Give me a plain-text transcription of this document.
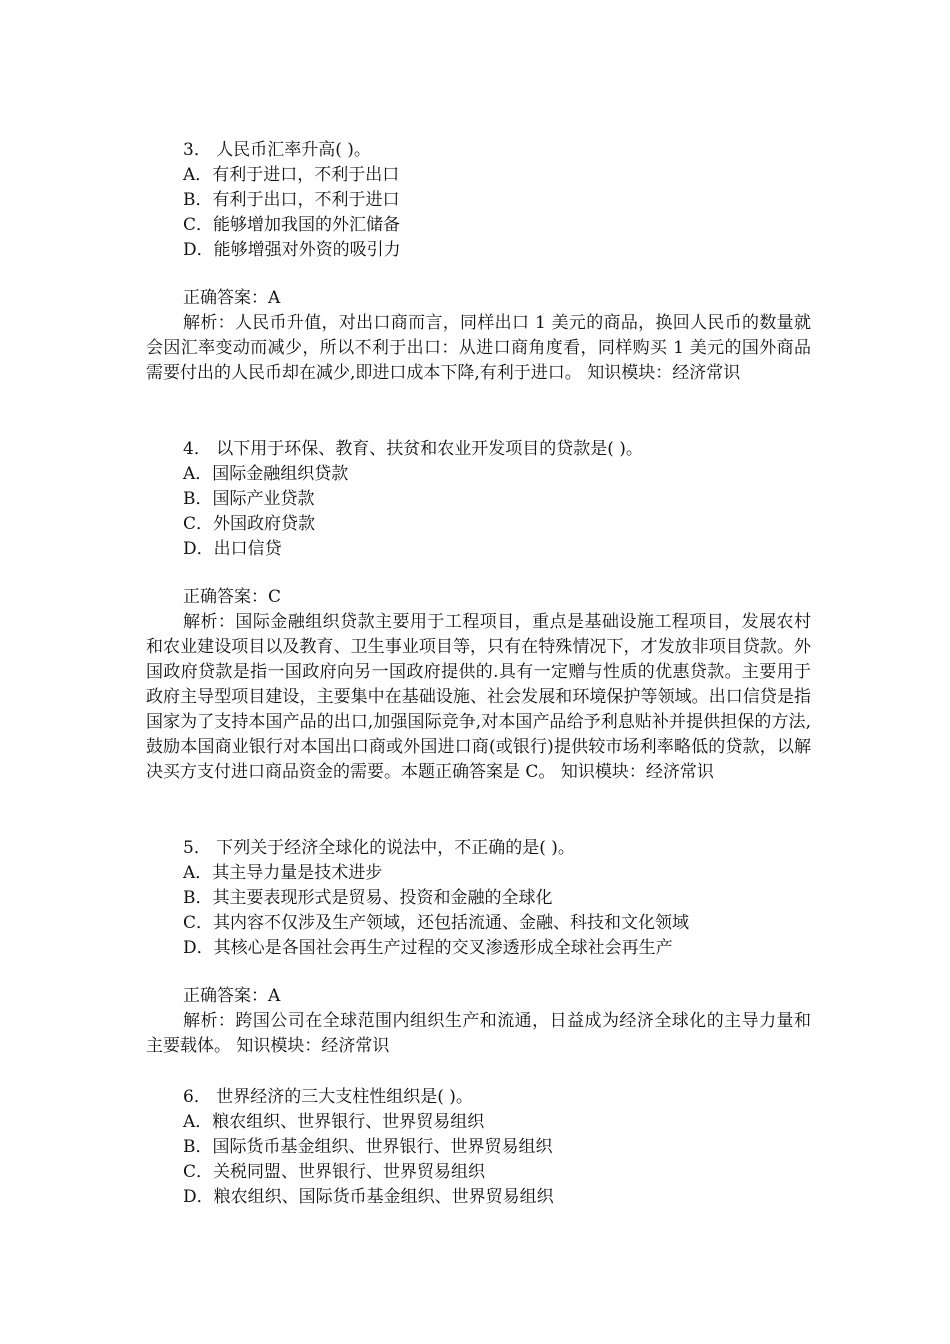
3． 人民币汇率升高( )。
A．有利于进口，不利于出口
B．有利于出口，不利于进口
C．能够增加我国的外汇储备
D．能够增强对外资的吸引力
正确答案：A
解析：人民币升值，对出口商而言，同样出口 1 美元的商品，换回人民币的数量就会因汇率变动而减少，所以不利于出口：从进口商角度看，同样购买 1 美元的国外商品需要付出的人民币却在减少,即进口成本下降,有利于进口。 知识模块：经济常识
4． 以下用于环保、教育、扶贫和农业开发项目的贷款是( )。
A．国际金融组织贷款
B．国际产业贷款
C．外国政府贷款
D．出口信贷
正确答案：C
解析：国际金融组织贷款主要用于工程项目，重点是基础设施工程项目，发展农村和农业建设项目以及教育、卫生事业项目等，只有在特殊情况下，才发放非项目贷款。外国政府贷款是指一国政府向另一国政府提供的.具有一定赠与性质的优惠贷款。主要用于政府主导型项目建设，主要集中在基础设施、社会发展和环境保护等领域。出口信贷是指国家为了支持本国产品的出口,加强国际竞争,对本国产品给予利息贴补并提供担保的方法,鼓励本国商业银行对本国出口商或外国进口商(或银行)提供较市场利率略低的贷款，以解决买方支付进口商品资金的需要。本题正确答案是 C。 知识模块：经济常识
5． 下列关于经济全球化的说法中，不正确的是( )。
A．其主导力量是技术进步
B．其主要表现形式是贸易、投资和金融的全球化
C．其内容不仅涉及生产领域，还包括流通、金融、科技和文化领域
D．其核心是各国社会再生产过程的交叉渗透形成全球社会再生产
正确答案：A
解析：跨国公司在全球范围内组织生产和流通，日益成为经济全球化的主导力量和主要载体。 知识模块：经济常识
6． 世界经济的三大支柱性组织是( )。
A．粮农组织、世界银行、世界贸易组织
B．国际货币基金组织、世界银行、世界贸易组织
C．关税同盟、世界银行、世界贸易组织
D．粮农组织、国际货币基金组织、世界贸易组织
